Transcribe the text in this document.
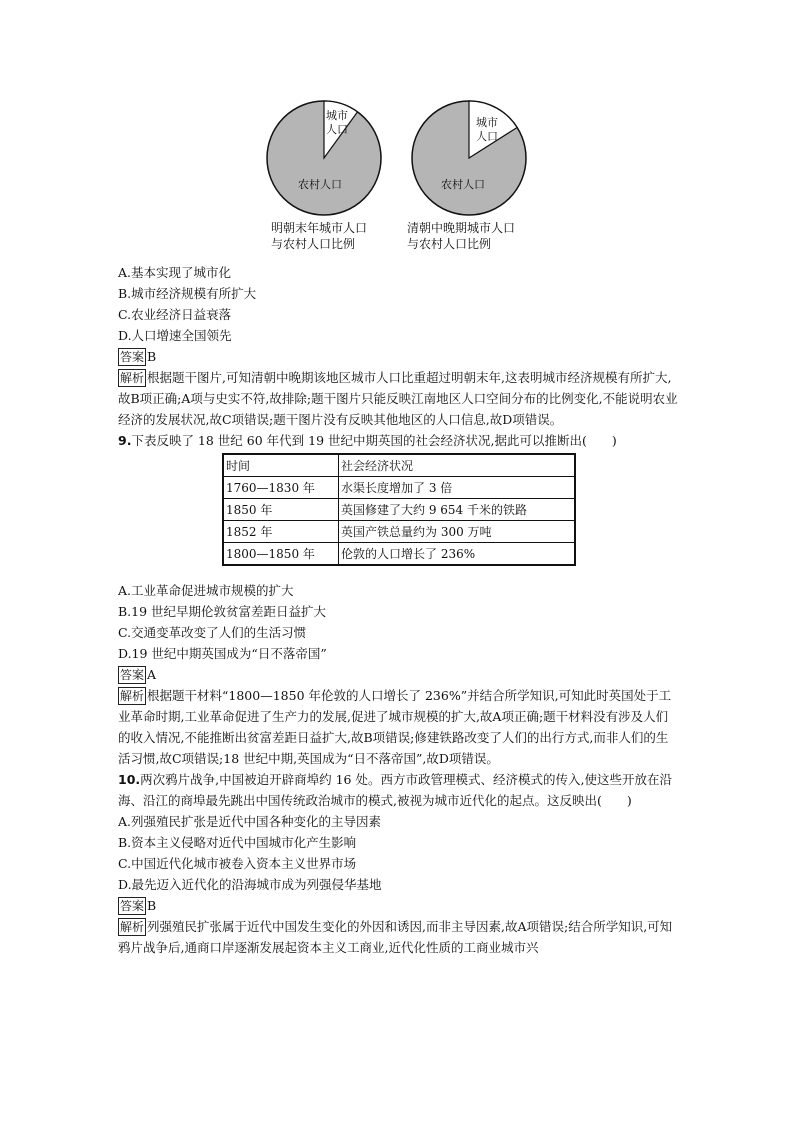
城市
人口
农村人口
明朝末年城市人口
与农村人口比例
城市
人口
农村人口
清朝中晚期城市人口
与农村人口比例
A.基本实现了城市化
B.城市经济规模有所扩大
C.农业经济日益衰落
D.人口增速全国领先
答案 B
解析 根据题干图片,可知清朝中晚期该地区城市人口比重超过明朝末年,这表明城市经济规模有所扩大,故B项正确;A项与史实不符,故排除;题干图片只能反映江南地区人口空间分布的比例变化,不能说明农业经济的发展状况,故C项错误;题干图片没有反映其他地区的人口信息,故D项错误。
9.下表反映了 18 世纪 60 年代到 19 世纪中期英国的社会经济状况,据此可以推断出(　　)
时间	社会经济状况
1760—1830 年	水渠长度增加了 3 倍
1850 年	英国修建了大约 9 654 千米的铁路
1852 年	英国产铁总量约为 300 万吨
1800—1850 年	伦敦的人口增长了 236%
A.工业革命促进城市规模的扩大
B.19 世纪早期伦敦贫富差距日益扩大
C.交通变革改变了人们的生活习惯
D.19 世纪中期英国成为“日不落帝国”
答案 A
解析 根据题干材料“1800—1850 年伦敦的人口增长了 236%”并结合所学知识,可知此时英国处于工业革命时期,工业革命促进了生产力的发展,促进了城市规模的扩大,故A项正确;题干材料没有涉及人们的收入情况,不能推断出贫富差距日益扩大,故B项错误;修建铁路改变了人们的出行方式,而非人们的生活习惯,故C项错误;18 世纪中期,英国成为“日不落帝国”,故D项错误。
10.两次鸦片战争,中国被迫开辟商埠约 16 处。西方市政管理模式、经济模式的传入,使这些开放在沿海、沿江的商埠最先跳出中国传统政治城市的模式,被视为城市近代化的起点。这反映出(　　)
A.列强殖民扩张是近代中国各种变化的主导因素
B.资本主义侵略对近代中国城市化产生影响
C.中国近代化城市被卷入资本主义世界市场
D.最先迈入近代化的沿海城市成为列强侵华基地
答案 B
解析 列强殖民扩张属于近代中国发生变化的外因和诱因,而非主导因素,故A项错误;结合所学知识,可知鸦片战争后,通商口岸逐渐发展起资本主义工商业,近代化性质的工商业城市兴
